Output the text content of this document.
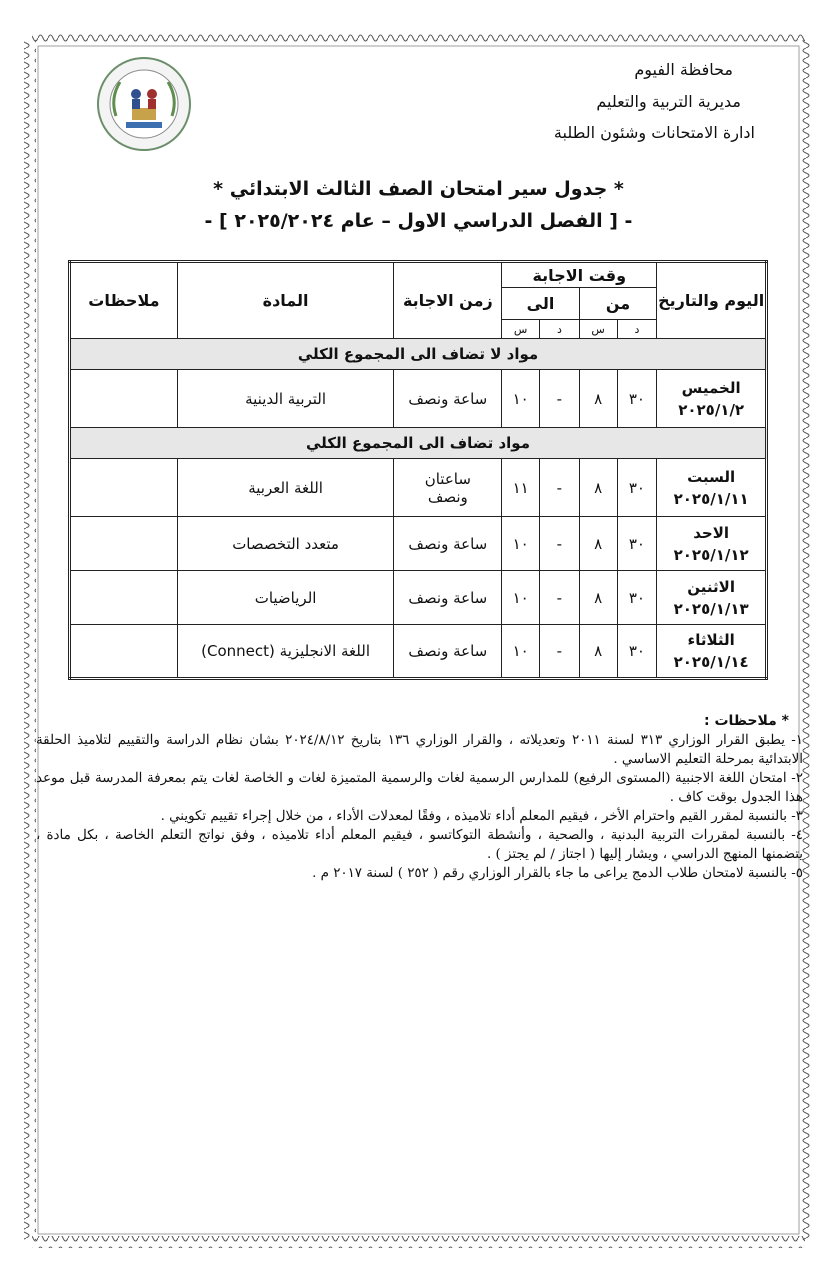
محافظة الفيوم
مديرية التربية والتعليم
ادارة الامتحانات وشئون الطلبة
* جدول سير امتحان الصف الثالث الابتدائي *
- [ الفصل الدراسي الاول – عام ٢٠٢٥/٢٠٢٤ ] -
اليوم والتاريخ	وقت الاجابة				زمن الاجابة	المادة	ملاحظات
	من		الى				
	د	س	د	س			
مواد لا تضاف الى المجموع الكلي							
الخميس
٢٠٢٥/١/٢	٣٠	٨	-	١٠	ساعة ونصف	التربية الدينية	
مواد تضاف الى المجموع الكلي							
السبت
٢٠٢٥/١/١١	٣٠	٨	-	١١	ساعتان ونصف	اللغة العربية	
الاحد
٢٠٢٥/١/١٢	٣٠	٨	-	١٠	ساعة ونصف	متعدد التخصصات	
الاثنين
٢٠٢٥/١/١٣	٣٠	٨	-	١٠	ساعة ونصف	الرياضيات	
الثلاثاء
٢٠٢٥/١/١٤	٣٠	٨	-	١٠	ساعة ونصف	اللغة الانجليزية (Connect)	

* ملاحظات :

١- يطبق القرار الوزاري ٣١٣ لسنة ٢٠١١ وتعديلاته ، والقرار الوزاري ١٣٦ بتاريخ ٢٠٢٤/٨/١٢ بشان نظام الدراسة والتقييم لتلاميذ الحلقة الابتدائية بمرحلة التعليم الاساسي .

٢- امتحان اللغة الاجنبية (المستوى الرفيع) للمدارس الرسمية لغات والرسمية المتميزة لغات و الخاصة لغات يتم بمعرفة المدرسة قبل موعد هذا الجدول بوقت كاف .

٣- بالنسبة لمقرر القيم واحترام الأخر ، فيقيم المعلم أداء تلاميذه ، وفقًا لمعدلات الأداء ، من خلال إجراء تقييم تكويني .

٤- بالنسبة لمقررات التربية البدنية ، والصحية ، وأنشطة التوكاتسو ، فيقيم المعلم أداء تلاميذه ، وفق نواتج التعلم الخاصة ، بكل مادة ، يتضمنها المنهج الدراسي ، ويشار إليها ( اجتاز / لم يجتز ) .

٥- بالنسبة لامتحان طلاب الدمج يراعى ما جاء بالقرار الوزاري رقم ( ٢٥٢ ) لسنة ٢٠١٧ م .
